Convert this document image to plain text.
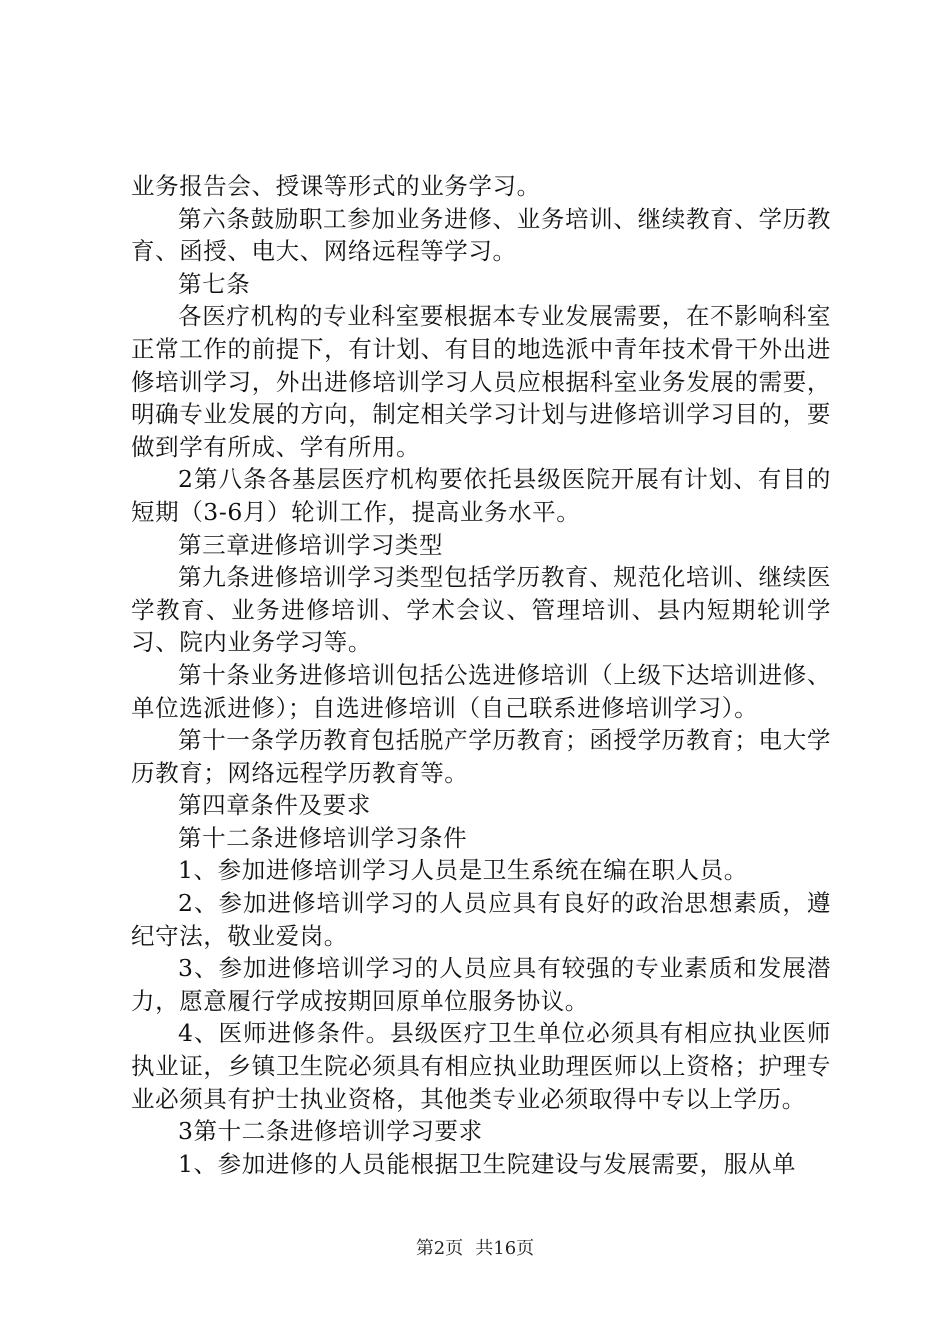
业务报告会、授课等形式的业务学习。

第六条鼓励职工参加业务进修、业务培训、继续教育、学历教育、函授、电大、网络远程等学习。

第七条

各医疗机构的专业科室要根据本专业发展需要，在不影响科室正常工作的前提下，有计划、有目的地选派中青年技术骨干外出进修培训学习，外出进修培训学习人员应根据科室业务发展的需要，明确专业发展的方向，制定相关学习计划与进修培训学习目的，要做到学有所成、学有所用。

2第八条各基层医疗机构要依托县级医院开展有计划、有目的短期（3-6月）轮训工作，提高业务水平。

第三章进修培训学习类型

第九条进修培训学习类型包括学历教育、规范化培训、继续医学教育、业务进修培训、学术会议、管理培训、县内短期轮训学习、院内业务学习等。

第十条业务进修培训包括公选进修培训（上级下达培训进修、单位选派进修）；自选进修培训（自己联系进修培训学习）。

第十一条学历教育包括脱产学历教育；函授学历教育；电大学历教育；网络远程学历教育等。

第四章条件及要求

第十二条进修培训学习条件

1、参加进修培训学习人员是卫生系统在编在职人员。

2、参加进修培训学习的人员应具有良好的政治思想素质，遵纪守法，敬业爱岗。

3、参加进修培训学习的人员应具有较强的专业素质和发展潜力，愿意履行学成按期回原单位服务协议。

4、医师进修条件。县级医疗卫生单位必须具有相应执业医师执业证，乡镇卫生院必须具有相应执业助理医师以上资格；护理专业必须具有护士执业资格，其他类专业必须取得中专以上学历。

3第十二条进修培训学习要求

1、参加进修的人员能根据卫生院建设与发展需要，服从单

第2页 共16页
